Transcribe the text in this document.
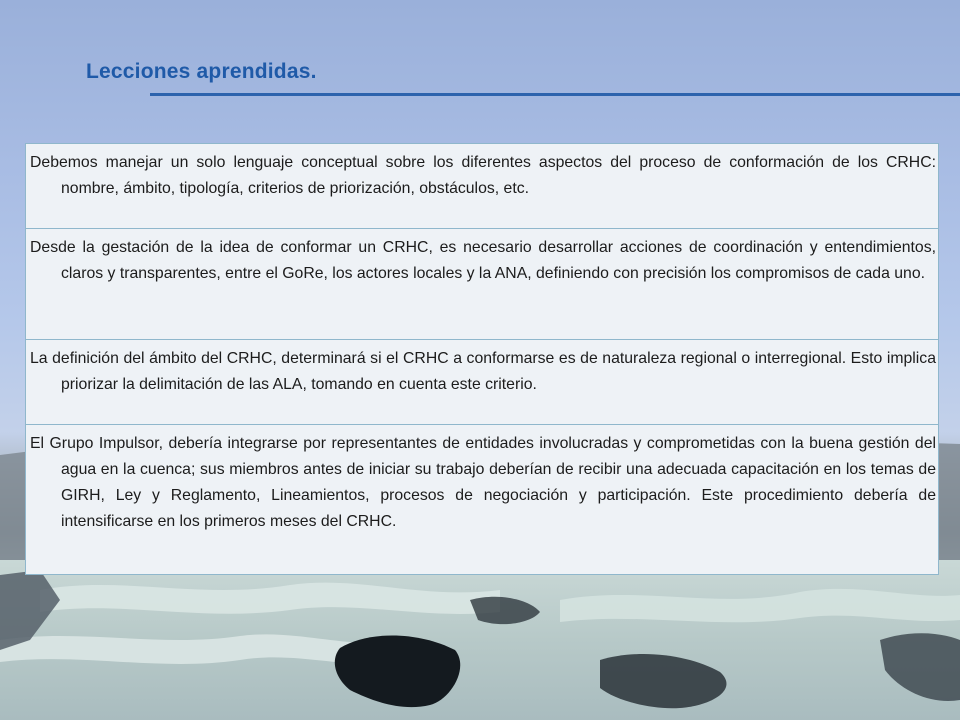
Lecciones aprendidas.

Debemos manejar un solo lenguaje conceptual sobre los diferentes aspectos del proceso de conformación de los CRHC: nombre, ámbito, tipología, criterios de priorización, obstáculos, etc.

Desde la gestación de la idea de conformar un CRHC, es necesario desarrollar acciones de coordinación y entendimientos, claros y transparentes, entre el GoRe, los actores locales y la ANA, definiendo con precisión los compromisos de cada uno.

La definición del ámbito del CRHC, determinará si el CRHC a conformarse es de naturaleza regional o interregional. Esto implica priorizar la delimitación de las ALA, tomando en cuenta este criterio.

El Grupo Impulsor, debería integrarse por representantes de entidades involucradas y comprometidas con la buena gestión del agua en la cuenca; sus miembros antes de iniciar su trabajo deberían de recibir una adecuada capacitación en los temas de GIRH, Ley y Reglamento, Lineamientos, procesos de negociación y participación. Este procedimiento debería de intensificarse en los primeros meses del CRHC.
